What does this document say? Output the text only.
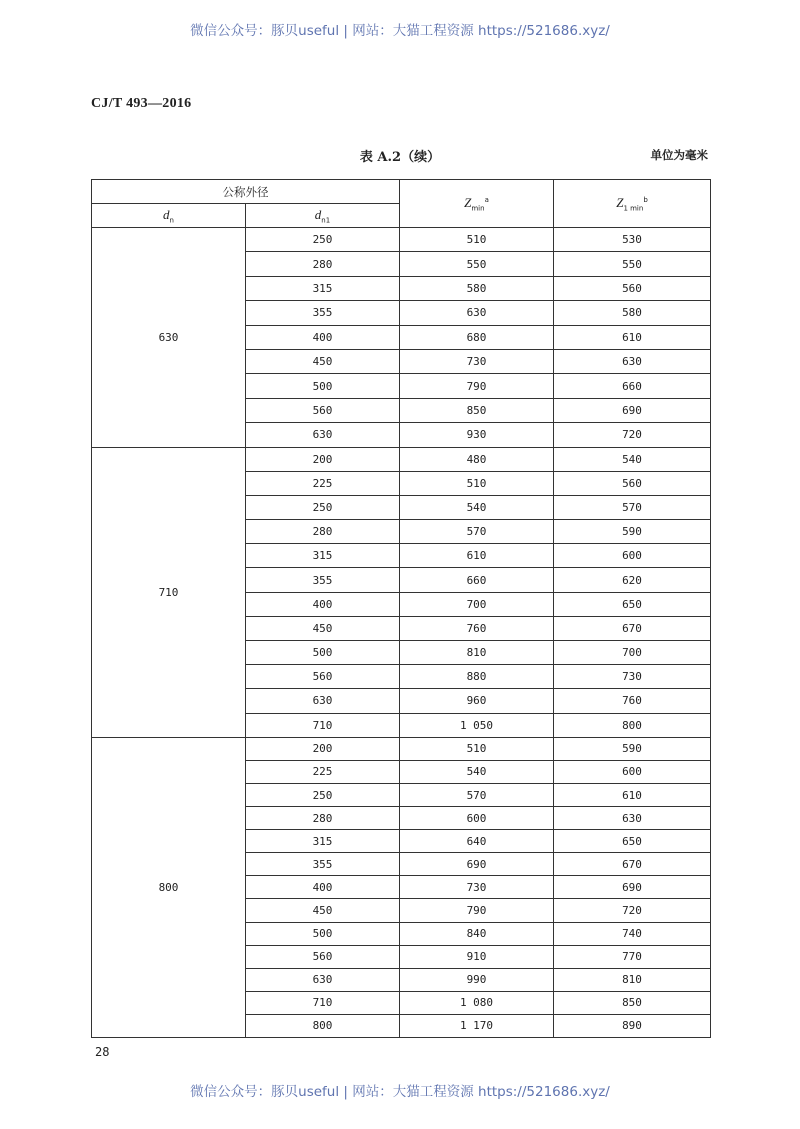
微信公众号：豚贝useful | 网站：大猫工程资源 https://521686.xyz/
CJ/T 493—2016
表 A.2（续）	单位为毫米
公称外径		$Z_{min}^a$	$Z_{1 min}^b$
$d_n$	$d_{n1}$
630	250	510	530
	280	550	550
	315	580	560
	355	630	580
	400	680	610
	450	730	630
	500	790	660
	560	850	690
	630	930	720
710	200	480	540
	225	510	560
	250	540	570
	280	570	590
	315	610	600
	355	660	620
	400	700	650
	450	760	670
	500	810	700
	560	880	730
	630	960	760
	710	1 050	800
800	200	510	590
	225	540	600
	250	570	610
	280	600	630
	315	640	650
	355	690	670
	400	730	690
	450	790	720
	500	840	740
	560	910	770
	630	990	810
	710	1 080	850
	800	1 170	890
28
微信公众号：豚贝useful | 网站：大猫工程资源 https://521686.xyz/
